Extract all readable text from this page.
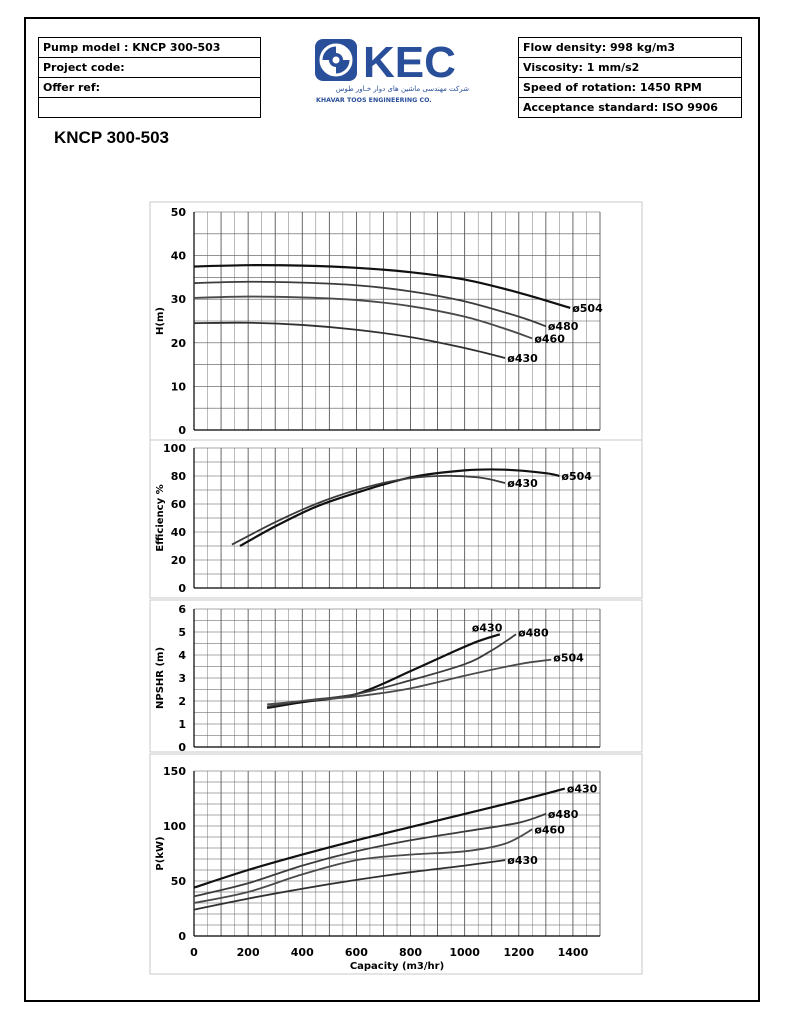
Pump model : KNCP 300-503
Project code:
Offer ref:

Flow density: 998 kg/m3
Viscosity: 1 mm/s2
Speed of rotation: 1450 RPM
Acceptance standard: ISO 9906
KEC
شرکت مهندسی ماشین های دوار خـاور طوس
KHAVAR TOOS ENGINEERING CO.
KNCP 300-503
0
10
20
30
40
50
H(m)	ø504
ø480
ø460
ø430
0
20
40
60
80
100
Efficiency %
ø504
ø430
0
1
2
3
4
5
6
NPSHR (m)
ø430 ø480
ø504
0
50
100
150
0	200	400	600	800 1000 1200 1400
P(kW)
Capacity (m3/hr)
ø430
ø480
ø460
ø430
